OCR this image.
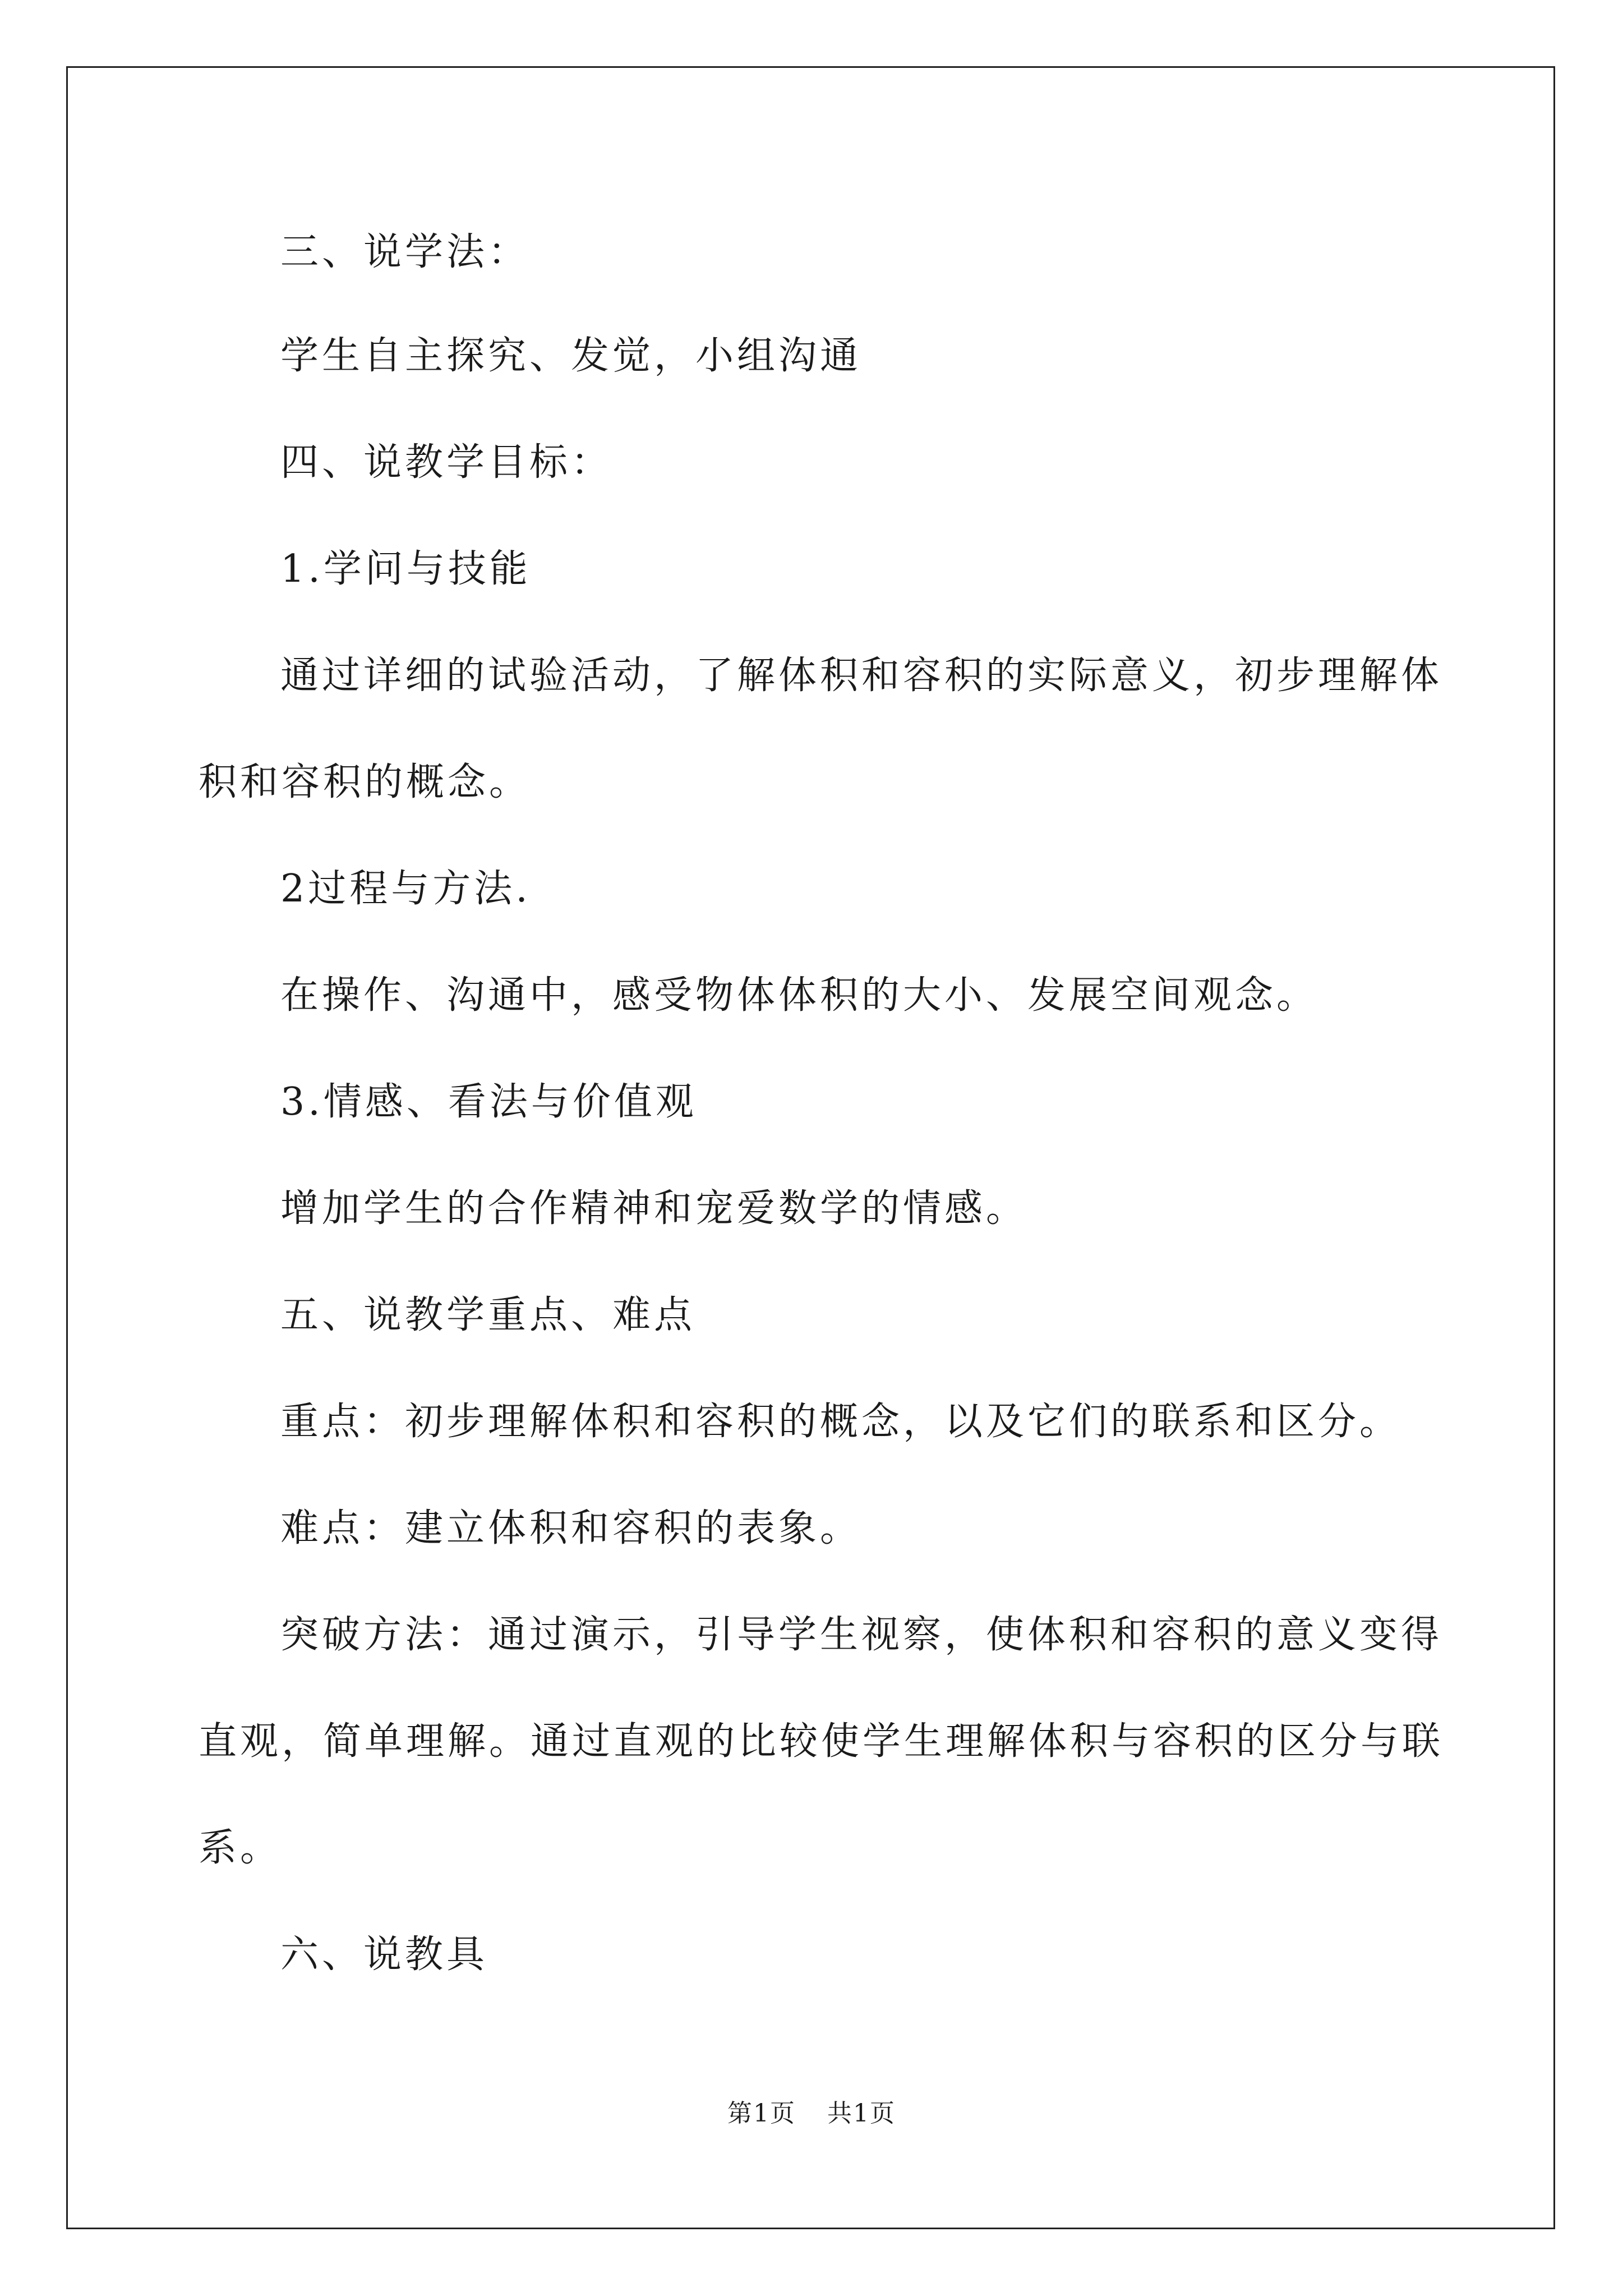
三、说学法：
学生自主探究、发觉，小组沟通
四、说教学目标：
1.学问与技能
通过详细的试验活动，了解体积和容积的实际意义，初步理解体
积和容积的概念。
2过程与方法.
在操作、沟通中，感受物体体积的大小、发展空间观念。
3.情感、看法与价值观
增加学生的合作精神和宠爱数学的情感。
五、说教学重点、难点
重点：初步理解体积和容积的概念，以及它们的联系和区分。
难点：建立体积和容积的表象。
突破方法：通过演示，引导学生视察，使体积和容积的意义变得
直观，简单理解。通过直观的比较使学生理解体积与容积的区分与联
系。
六、说教具
第1页 共1页
